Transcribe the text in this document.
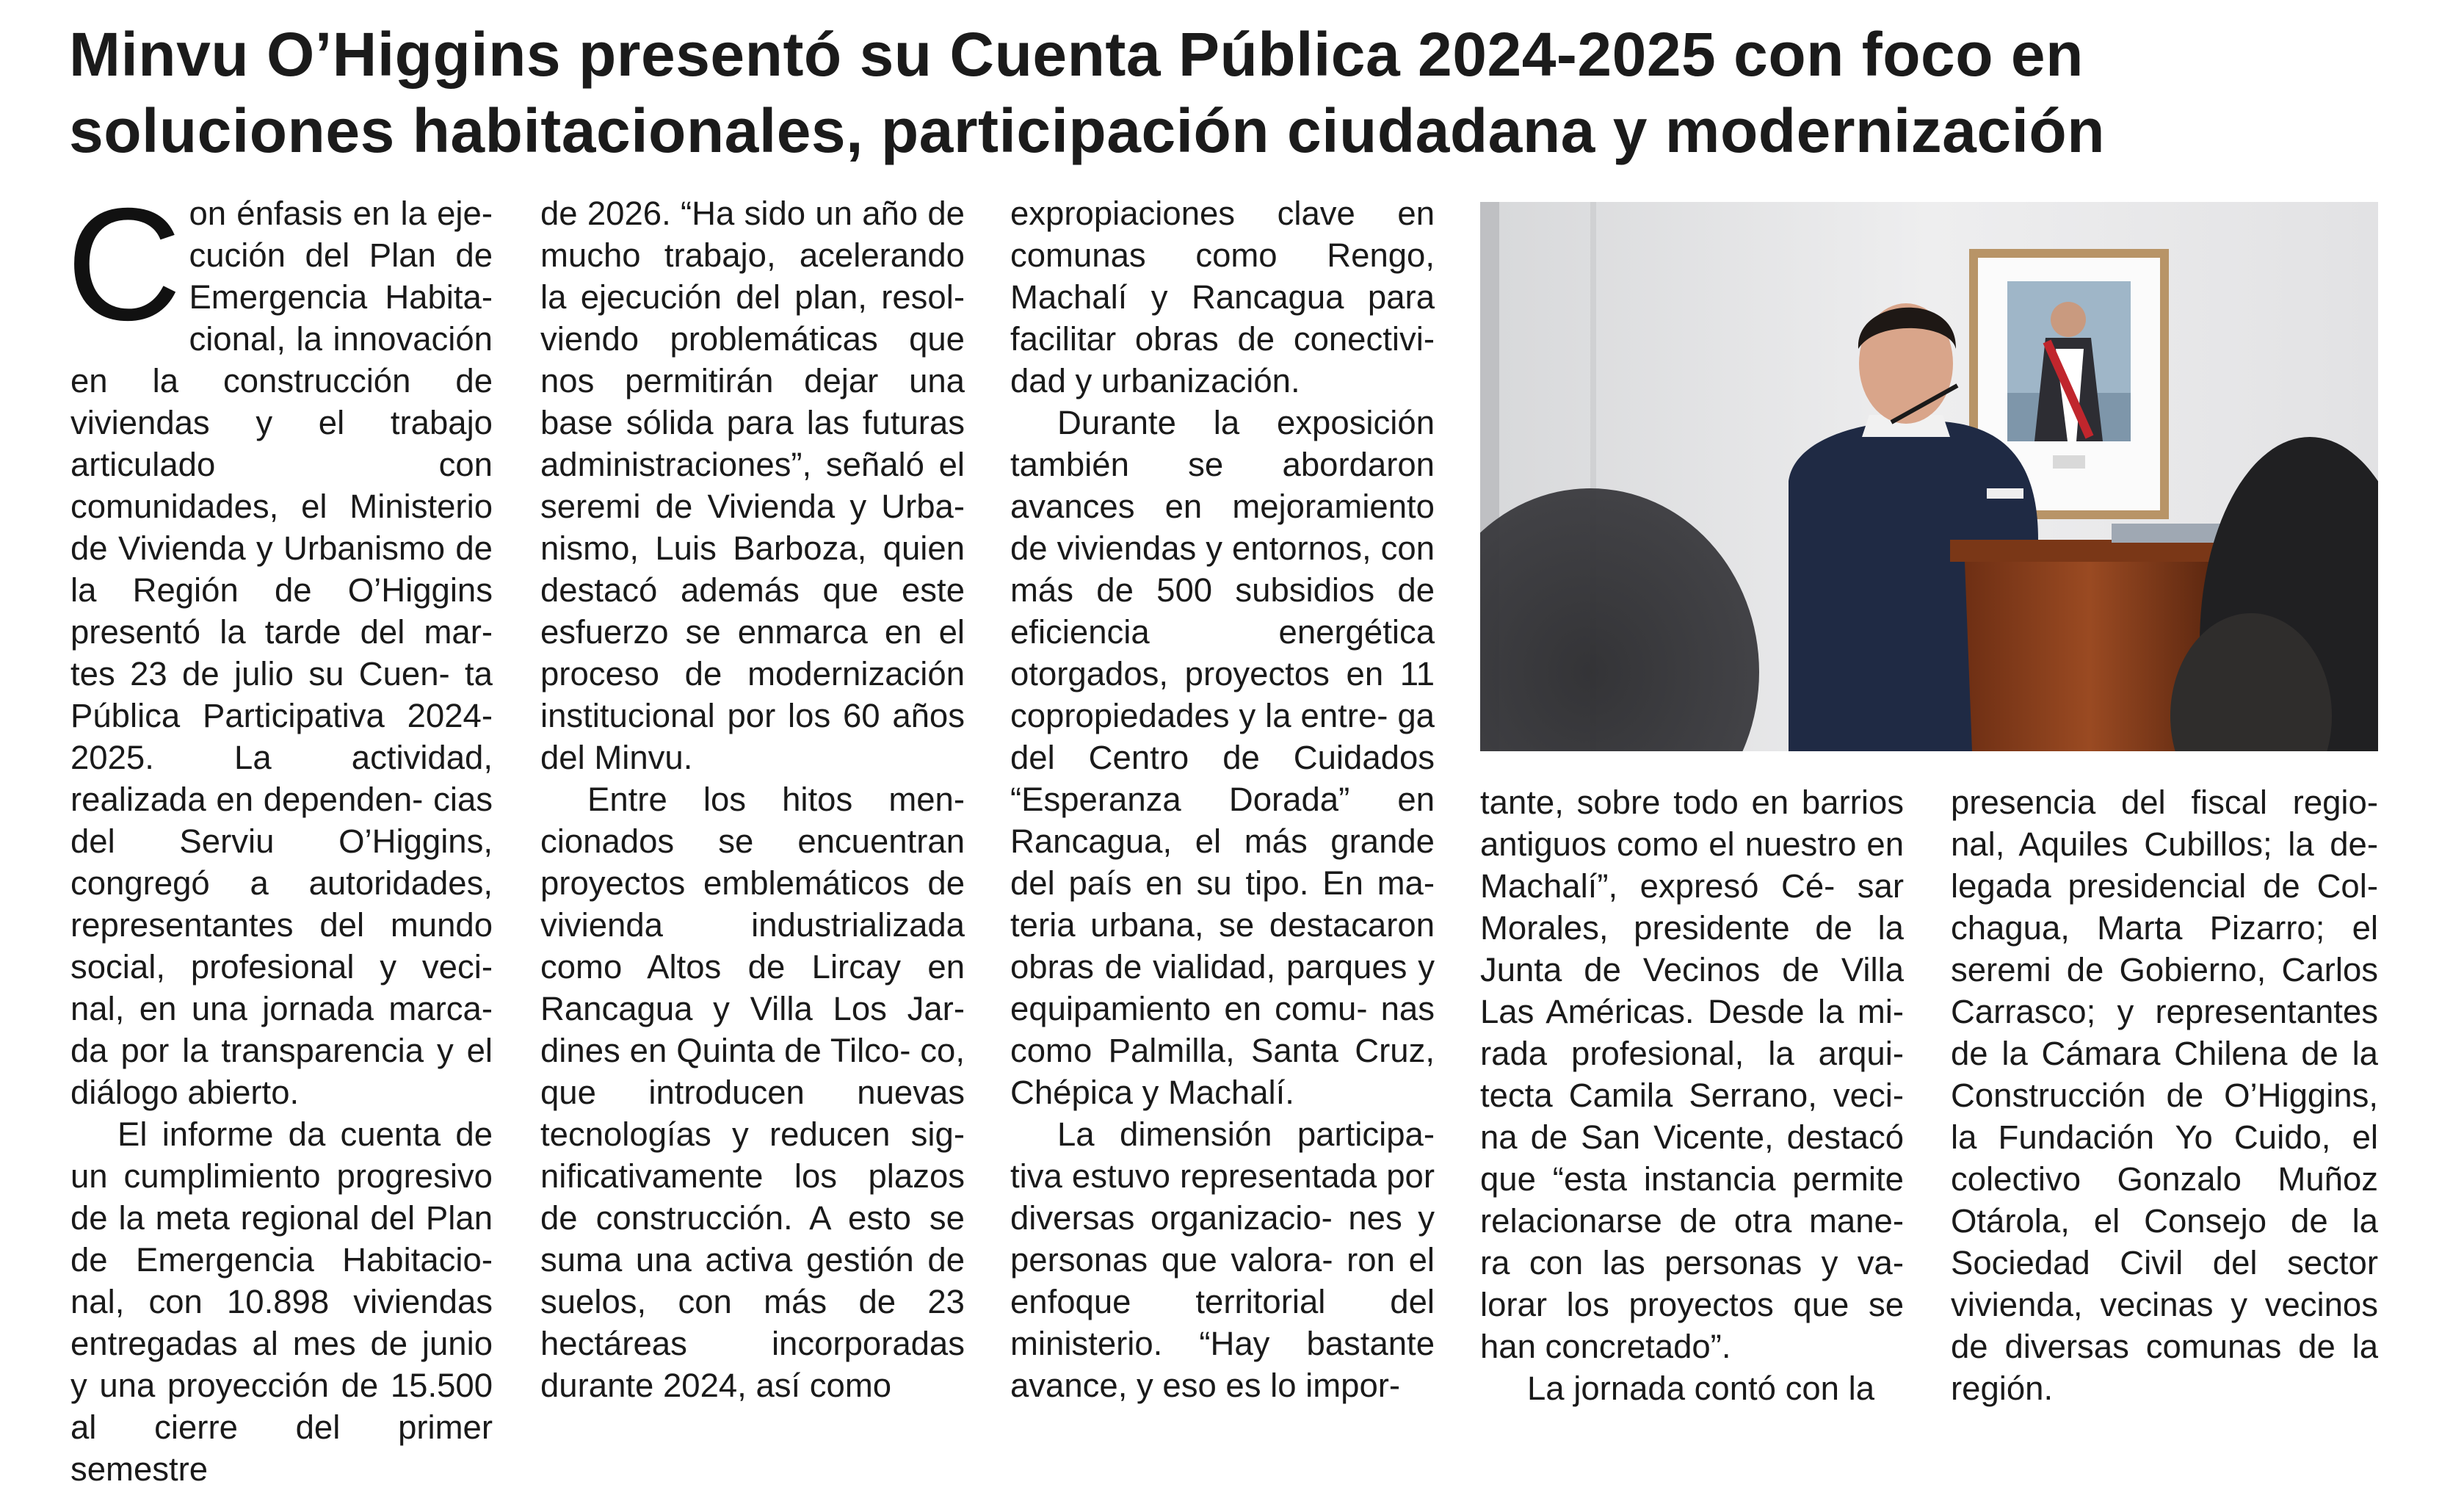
Minvu O’Higgins presentó su Cuenta Pública 2024-2025 con foco en soluciones habitacionales, participación ciudadana y modernización
C on énfasis en la eje- cución del Plan de Emergencia Habita- cional, la innovación en la construcción de viviendas y el trabajo articulado con comunidades, el Ministerio de Vivienda y Urbanismo de la Región de O’Higgins presentó la tarde del mar- tes 23 de julio su Cuen- ta Pública Participativa 2024-2025. La actividad, realizada en dependen- cias del Serviu O’Higgins, congregó a autoridades, representantes del mundo social, profesional y veci- nal, en una jornada marca- da por la transparencia y el diálogo abierto.

El informe da cuenta de un cumplimiento progresivo de la meta regional del Plan de Emergencia Habitacio- nal, con 10.898 viviendas entregadas al mes de junio y una proyección de 15.500 al cierre del primer semestre

de 2026. “Ha sido un año de mucho trabajo, acelerando la ejecución del plan, resol- viendo problemáticas que nos permitirán dejar una base sólida para las futuras administraciones”, señaló el seremi de Vivienda y Urba- nismo, Luis Barboza, quien destacó además que este esfuerzo se enmarca en el proceso de modernización institucional por los 60 años del Minvu.

Entre los hitos men- cionados se encuentran proyectos emblemáticos de vivienda industrializada como Altos de Lircay en Rancagua y Villa Los Jar- dines en Quinta de Tilco- co, que introducen nuevas tecnologías y reducen sig- nificativamente los plazos de construcción. A esto se suma una activa gestión de suelos, con más de 23 hectáreas incorporadas durante 2024, así como

expropiaciones clave en comunas como Rengo, Machalí y Rancagua para facilitar obras de conectivi- dad y urbanización.

Durante la exposición también se abordaron avances en mejoramiento de viviendas y entornos, con más de 500 subsidios de eficiencia energética otorgados, proyectos en 11 copropiedades y la entre- ga del Centro de Cuidados “Esperanza Dorada” en Rancagua, el más grande del país en su tipo. En ma- teria urbana, se destacaron obras de vialidad, parques y equipamiento en comu- nas como Palmilla, Santa Cruz, Chépica y Machalí.

La dimensión participa- tiva estuvo representada por diversas organizacio- nes y personas que valora- ron el enfoque territorial del ministerio. “Hay bastante avance, y eso es lo impor-

tante, sobre todo en barrios antiguos como el nuestro en Machalí”, expresó Cé- sar Morales, presidente de la Junta de Vecinos de Villa Las Américas. Desde la mi- rada profesional, la arqui- tecta Camila Serrano, veci- na de San Vicente, destacó que “esta instancia permite relacionarse de otra mane- ra con las personas y va- lorar los proyectos que se han concretado”.

La jornada contó con la

presencia del fiscal regio- nal, Aquiles Cubillos; la de- legada presidencial de Col- chagua, Marta Pizarro; el seremi de Gobierno, Carlos Carrasco; y representantes de la Cámara Chilena de la Construcción de O’Higgins, la Fundación Yo Cuido, el colectivo Gonzalo Muñoz Otárola, el Consejo de la Sociedad Civil del sector vivienda, vecinas y vecinos de diversas comunas de la región.
